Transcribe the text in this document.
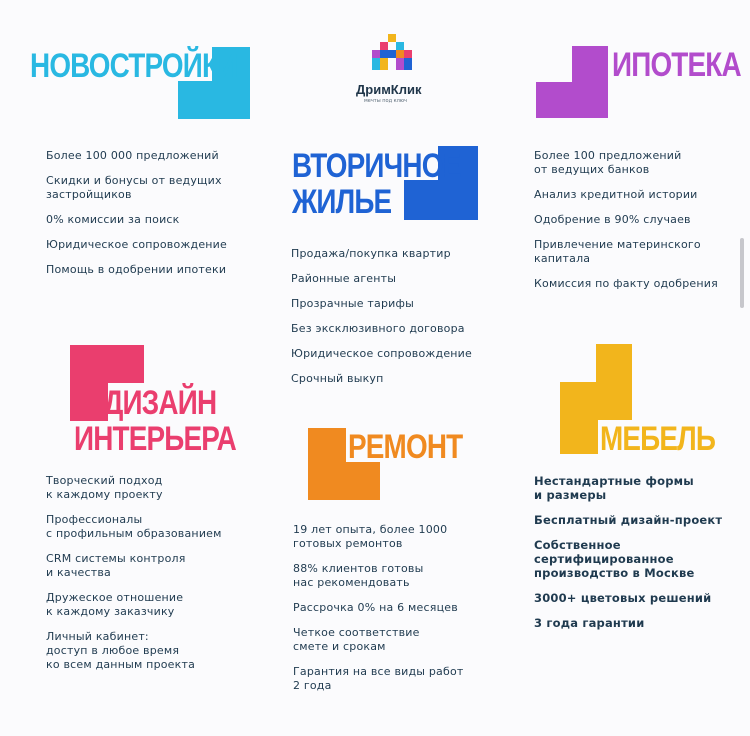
ДримКлик
мечты под ключ
НОВОСТРОЙКИ
Более 100 000 предложений
Скидки и бонусы от ведущих
застройщиков
0% комиссии за поиск
Юридическое сопровождение
Помощь в одобрении ипотеки
ИПОТЕКА
Более 100 предложений
от ведущих банков
Анализ кредитной истории
Одобрение в 90% случаев
Привлечение материнского
капитала
Комиссия по факту одобрения
ВТОРИЧНОЕ
ЖИЛЬЕ
Продажа/покупка квартир
Районные агенты
Прозрачные тарифы
Без эксклюзивного договора
Юридическое сопровождение
Срочный выкуп
ДИЗАЙН
ИНТЕРЬЕРА
Творческий подход
к каждому проекту
Профессионалы
с профильным образованием
CRM системы контроля
и качества
Дружеское отношение
к каждому заказчику
Личный кабинет:
доступ в любое время
ко всем данным проекта
РЕМОНТ
19 лет опыта, более 1000
готовых ремонтов
88% клиентов готовы
нас рекомендовать
Рассрочка 0% на 6 месяцев
Четкое соответствие
смете и срокам
Гарантия на все виды работ
2 года
МЕБЕЛЬ
Нестандартные формы
и размеры
Бесплатный дизайн-проект
Собственное
сертифицированное
производство в Москве
3000+ цветовых решений
3 года гарантии
